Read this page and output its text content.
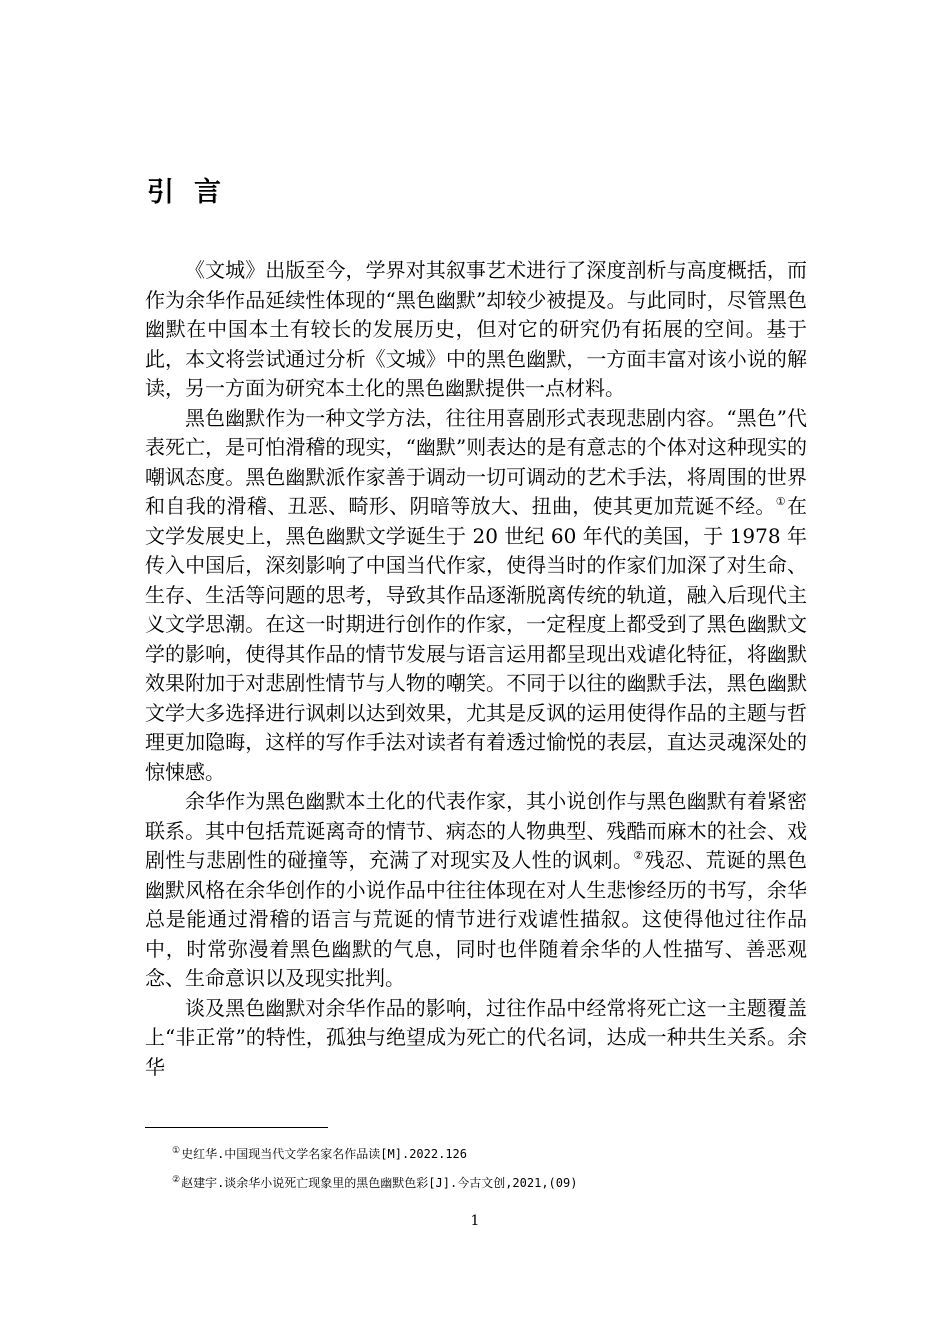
引言

《文城》出版至今，学界对其叙事艺术进行了深度剖析与高度概括，而作为余华作品延续性体现的“黑色幽默”却较少被提及。与此同时，尽管黑色幽默在中国本土有较长的发展历史，但对它的研究仍有拓展的空间。基于此，本文将尝试通过分析《文城》中的黑色幽默，一方面丰富对该小说的解读，另一方面为研究本土化的黑色幽默提供一点材料。

黑色幽默作为一种文学方法，往往用喜剧形式表现悲剧内容。“黑色”代表死亡，是可怕滑稽的现实，“幽默”则表达的是有意志的个体对这种现实的嘲讽态度。黑色幽默派作家善于调动一切可调动的艺术手法，将周围的世界和自我的滑稽、丑恶、畸形、阴暗等放大、扭曲，使其更加荒诞不经。①在文学发展史上，黑色幽默文学诞生于 20 世纪 60 年代的美国，于 1978 年传入中国后，深刻影响了中国当代作家，使得当时的作家们加深了对生命、生存、生活等问题的思考，导致其作品逐渐脱离传统的轨道，融入后现代主义文学思潮。在这一时期进行创作的作家，一定程度上都受到了黑色幽默文学的影响，使得其作品的情节发展与语言运用都呈现出戏谑化特征，将幽默效果附加于对悲剧性情节与人物的嘲笑。不同于以往的幽默手法，黑色幽默文学大多选择进行讽刺以达到效果，尤其是反讽的运用使得作品的主题与哲理更加隐晦，这样的写作手法对读者有着透过愉悦的表层，直达灵魂深处的惊悚感。

余华作为黑色幽默本土化的代表作家，其小说创作与黑色幽默有着紧密联系。其中包括荒诞离奇的情节、病态的人物典型、残酷而麻木的社会、戏剧性与悲剧性的碰撞等，充满了对现实及人性的讽刺。②残忍、荒诞的黑色幽默风格在余华创作的小说作品中往往体现在对人生悲惨经历的书写，余华总是能通过滑稽的语言与荒诞的情节进行戏谑性描叙。这使得他过往作品中，时常弥漫着黑色幽默的气息，同时也伴随着余华的人性描写、善恶观念、生命意识以及现实批判。

谈及黑色幽默对余华作品的影响，过往作品中经常将死亡这一主题覆盖上“非正常”的特性，孤独与绝望成为死亡的代名词，达成一种共生关系。余华

①史红华.中国现当代文学名家名作品读[M].2022.126

②赵建宇.谈余华小说死亡现象里的黑色幽默色彩[J].今古文创,2021,(09)

1
